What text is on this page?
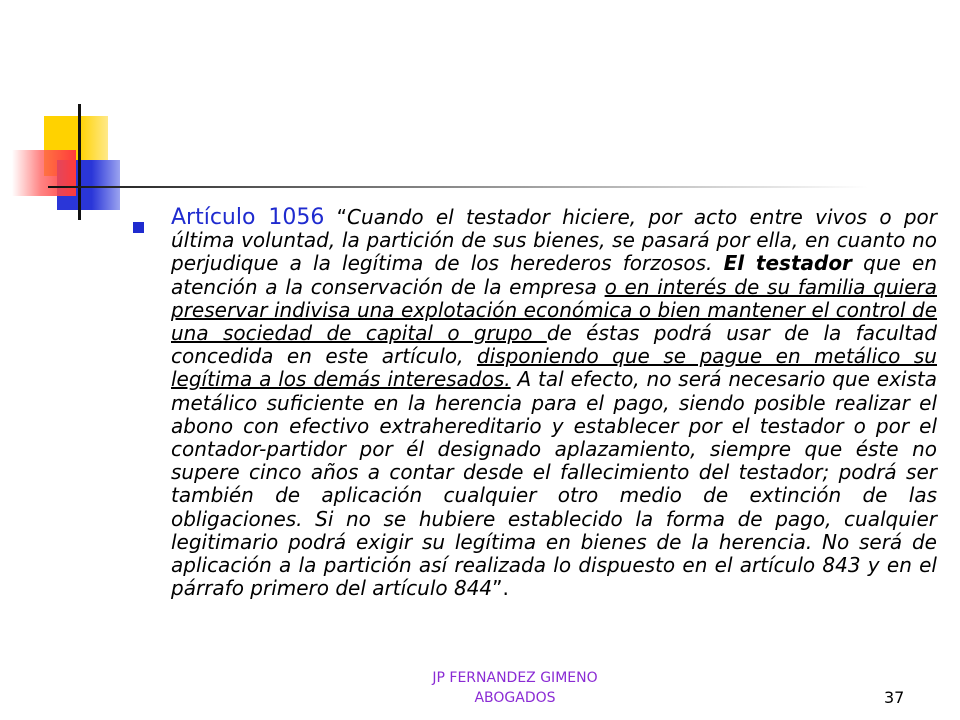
Artículo 1056 “Cuando el testador hiciere, por acto entre vivos o por última voluntad, la partición de sus bienes, se pasará por ella, en cuanto no perjudique a la legítima de los herederos forzosos. El testador que en atención a la conservación de la empresa o en interés de su familia quiera preservar indivisa una explotación económica o bien mantener el control de una sociedad de capital o grupo de éstas podrá usar de la facultad concedida en este artículo, disponiendo que se pague en metálico su legítima a los demás interesados. A tal efecto, no será necesario que exista metálico suficiente en la herencia para el pago, siendo posible realizar el abono con efectivo extrahereditario y establecer por el testador o por el contador-partidor por él designado aplazamiento, siempre que éste no supere cinco años a contar desde el fallecimiento del testador; podrá ser también de aplicación cualquier otro medio de extinción de las obligaciones. Si no se hubiere establecido la forma de pago, cualquier legitimario podrá exigir su legítima en bienes de la herencia. No será de aplicación a la partición así realizada lo dispuesto en el artículo 843 y en el párrafo primero del artículo 844”.
JP FERNANDEZ GIMENO
ABOGADOS	37
